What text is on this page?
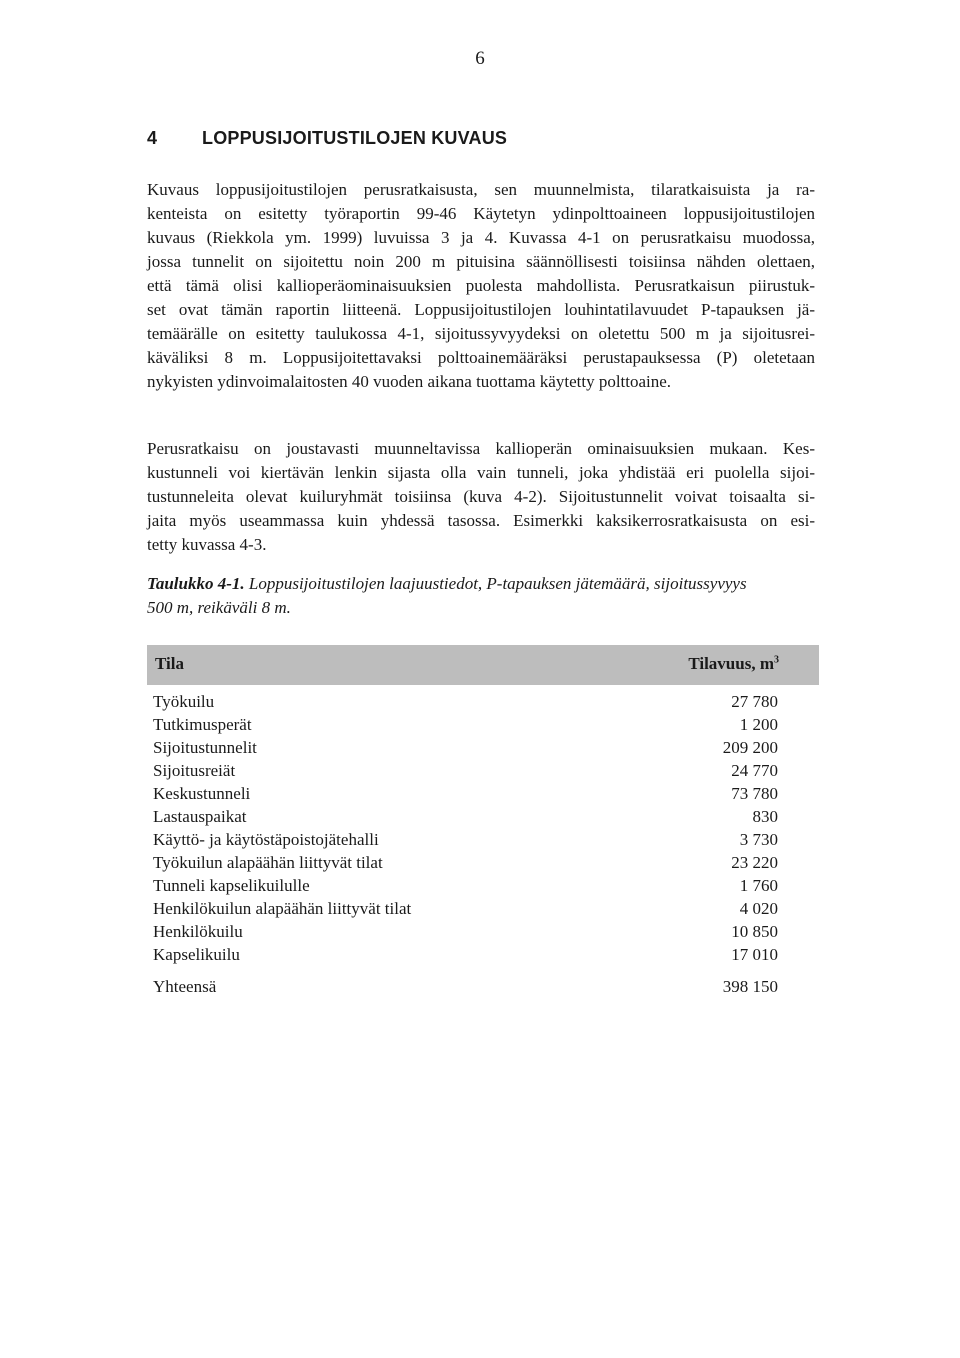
6
4 LOPPUSIJOITUSTILOJEN KUVAUS

Kuvaus loppusijoitustilojen perusratkaisusta, sen muunnelmista, tilaratkaisuista ja ra-
kenteista on esitetty työraportin 99-46 Käytetyn ydinpolttoaineen loppusijoitustilojen
kuvaus (Riekkola ym. 1999) luvuissa 3 ja 4. Kuvassa 4-1 on perusratkaisu muodossa,
jossa tunnelit on sijoitettu noin 200 m pituisina säännöllisesti toisiinsa nähden olettaen,
että tämä olisi kallioperäominaisuuksien puolesta mahdollista. Perusratkaisun piirustuk-
set ovat tämän raportin liitteenä. Loppusijoitustilojen louhintatilavuudet P-tapauksen jä-
temäärälle on esitetty taulukossa 4-1, sijoitussyvyydeksi on oletettu 500 m ja sijoitusrei-
käväliksi 8 m. Loppusijoitettavaksi polttoainemääräksi perustapauksessa (P) oletetaan
nykyisten ydinvoimalaitosten 40 vuoden aikana tuottama käytetty polttoaine.

Perusratkaisu on joustavasti muunneltavissa kallioperän ominaisuuksien mukaan. Kes-
kustunneli voi kiertävän lenkin sijasta olla vain tunneli, joka yhdistää eri puolella sijoi-
tustunneleita olevat kuiluryhmät toisiinsa (kuva 4-2). Sijoitustunnelit voivat toisaalta si-
jaita myös useammassa kuin yhdessä tasossa. Esimerkki kaksikerrosratkaisusta on esi-
tetty kuvassa 4-3.

Taulukko 4-1. Loppusijoitustilojen laajuustiedot, P-tapauksen jätemäärä, sijoitussyvyys
500 m, reikäväli 8 m.

Tila	Tilavuus, $m^3$
Työkuilu	27 780
Tutkimusperät	1 200
Sijoitustunnelit	209 200
Sijoitusreiät	24 770
Keskustunneli	73 780
Lastauspaikat	830
Käyttö- ja käytöstäpoistojätehalli	3 730
Työkuilun alapäähän liittyvät tilat	23 220
Tunneli kapselikuilulle	1 760
Henkilökuilun alapäähän liittyvät tilat	4 020
Henkilökuilu	10 850
Kapselikuilu	17 010
Yhteensä	398 150
